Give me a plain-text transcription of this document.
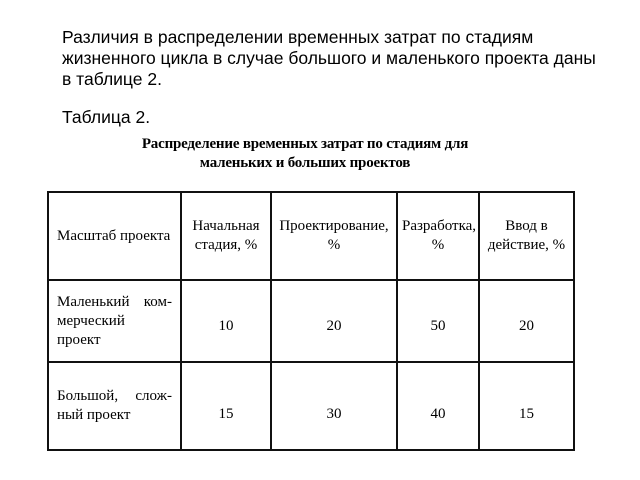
Различия в распределении временных затрат по стадиям жизненного цикла в случае большого и маленького проекта даны в таблице 2.

Таблица 2.

Распределение временных затрат по стадиям для
маленьких и больших проектов
Масштаб проекта	Начальная стадия, %	Проектирование, %	Разработка, %	Ввод в действие, %
Маленький ком-мерческий проект	10	20	50	20
Большой, слож-ный проект	15	30	40	15
